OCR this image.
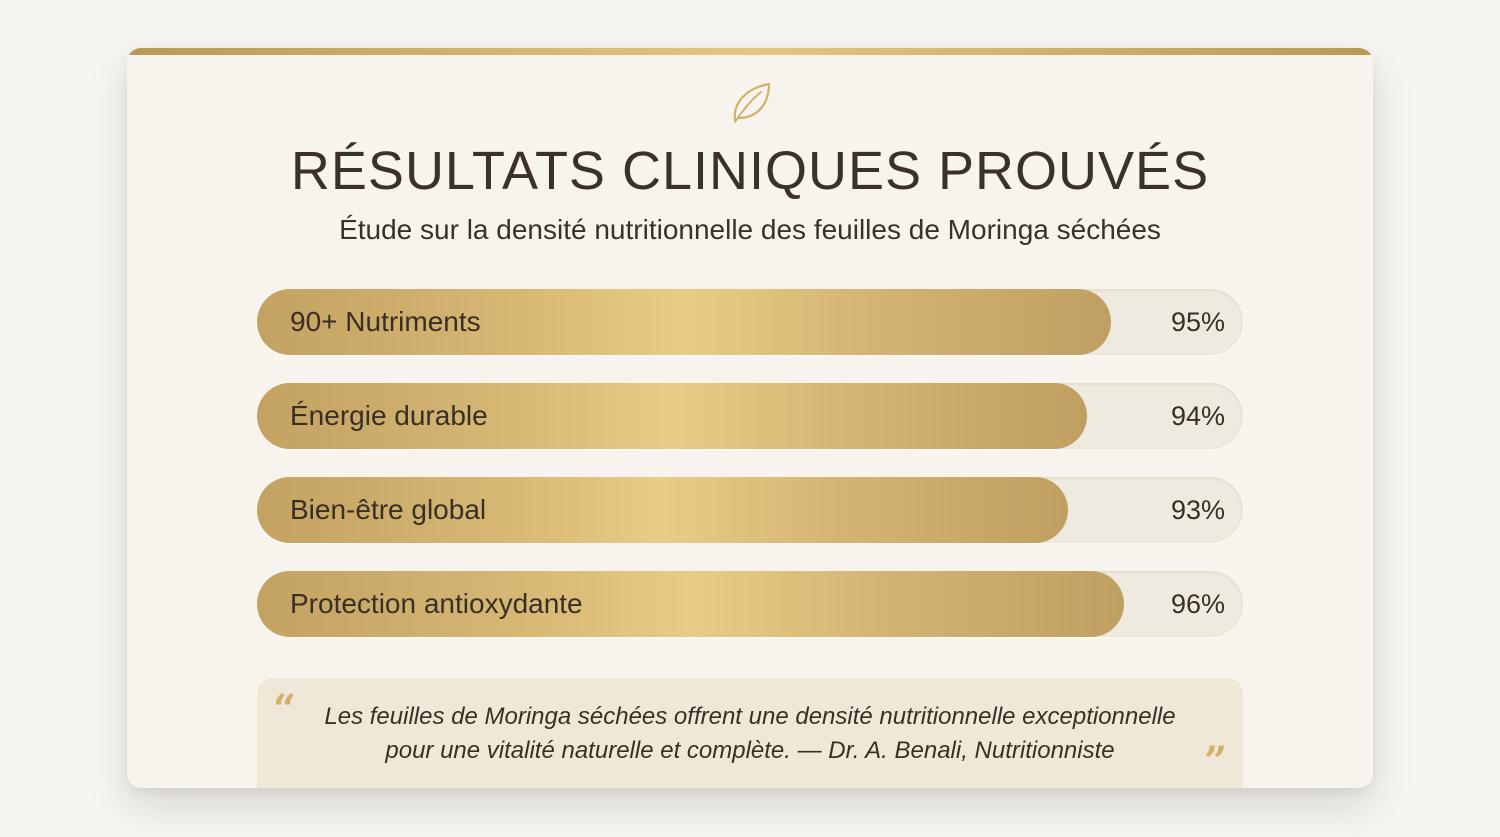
RÉSULTATS CLINIQUES PROUVÉS
Étude sur la densité nutritionnelle des feuilles de Moringa séchées
90+ Nutriments	95%
Énergie durable	94%
Bien-être global	93%
Protection antioxydante	96%
“	Les feuilles de Moringa séchées offrent une densité nutritionnelle exceptionnelle
pour une vitalité naturelle et complète. — Dr. A. Benali, Nutritionniste	”
